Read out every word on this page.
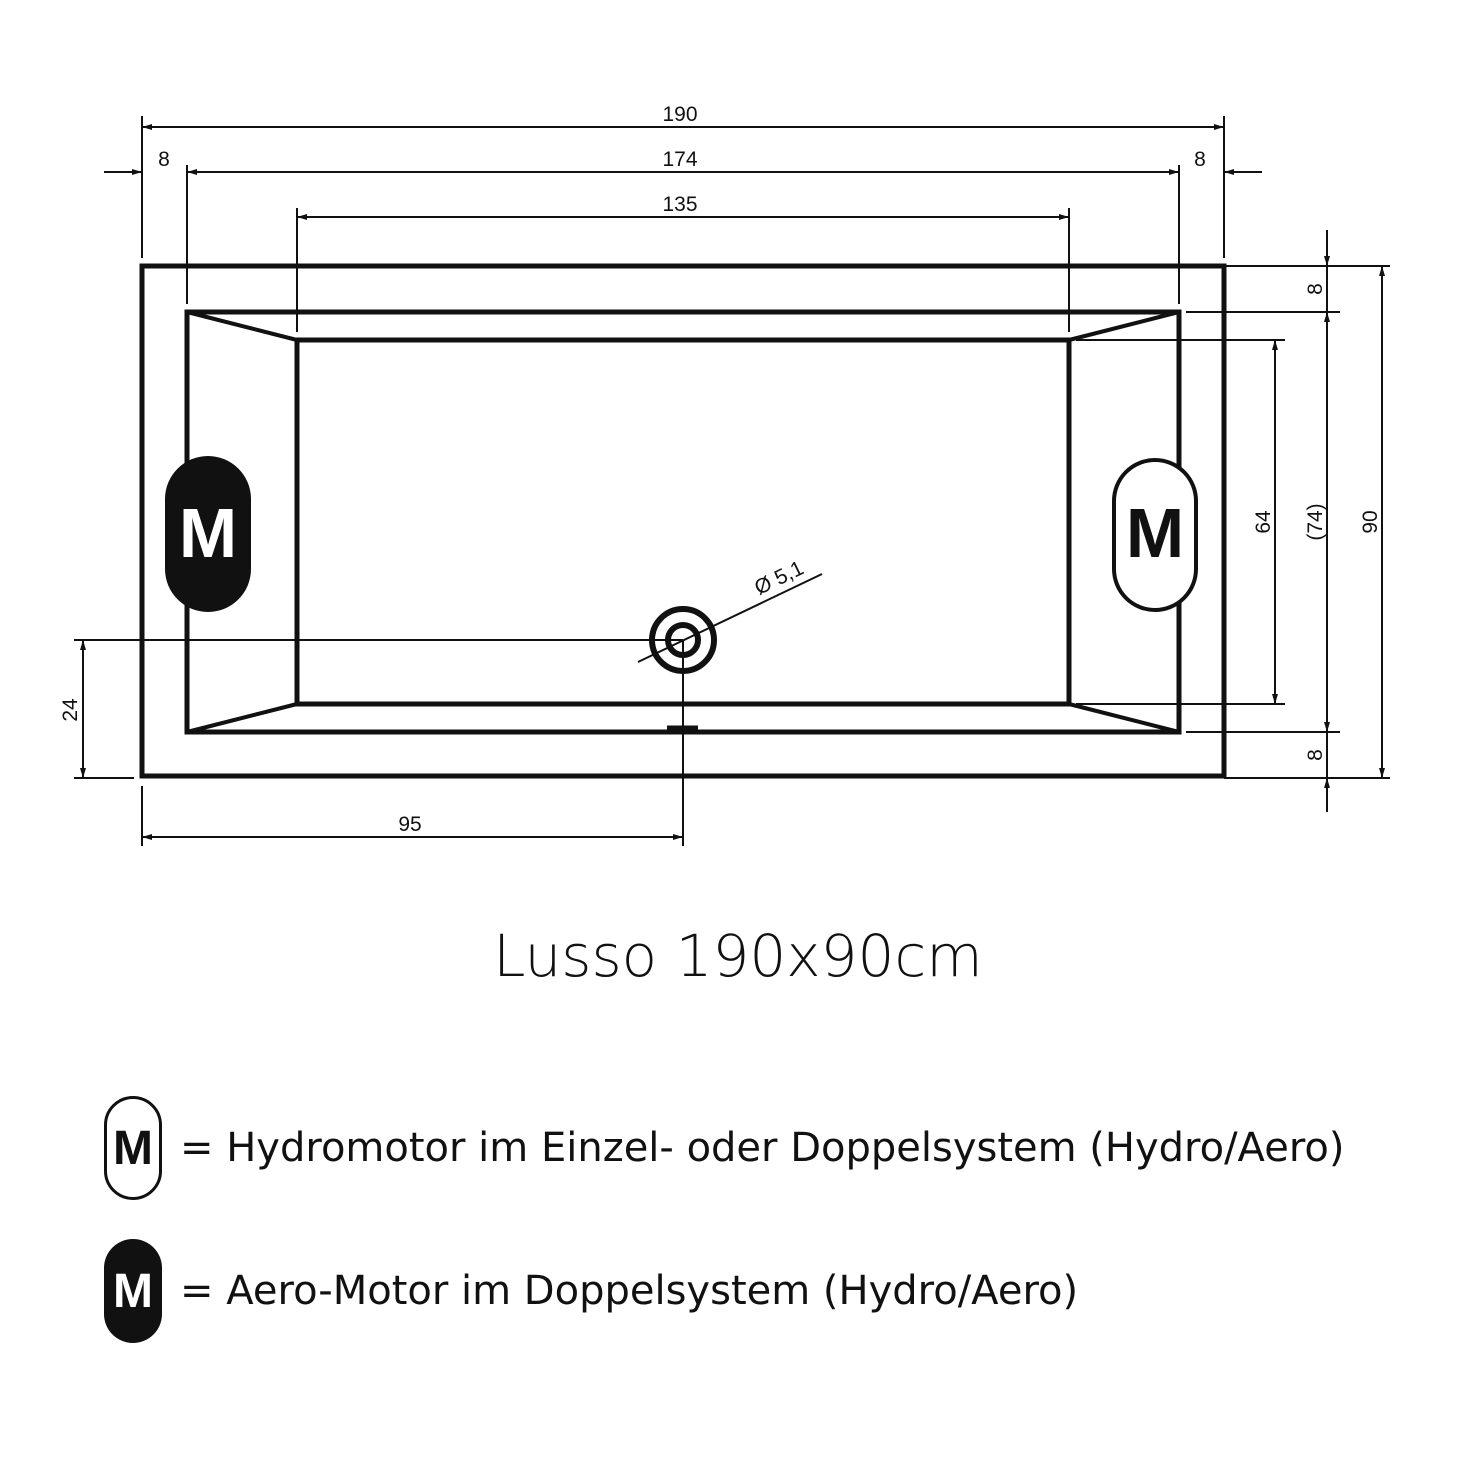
Ø 5,1
M	M
190
8	174	8
135
8
64 (74) 90
8
24
95
Lusso 190x90cm
M = Hydromotor im Einzel- oder Doppelsystem (Hydro/Aero)
M = Aero-Motor im Doppelsystem (Hydro/Aero)
